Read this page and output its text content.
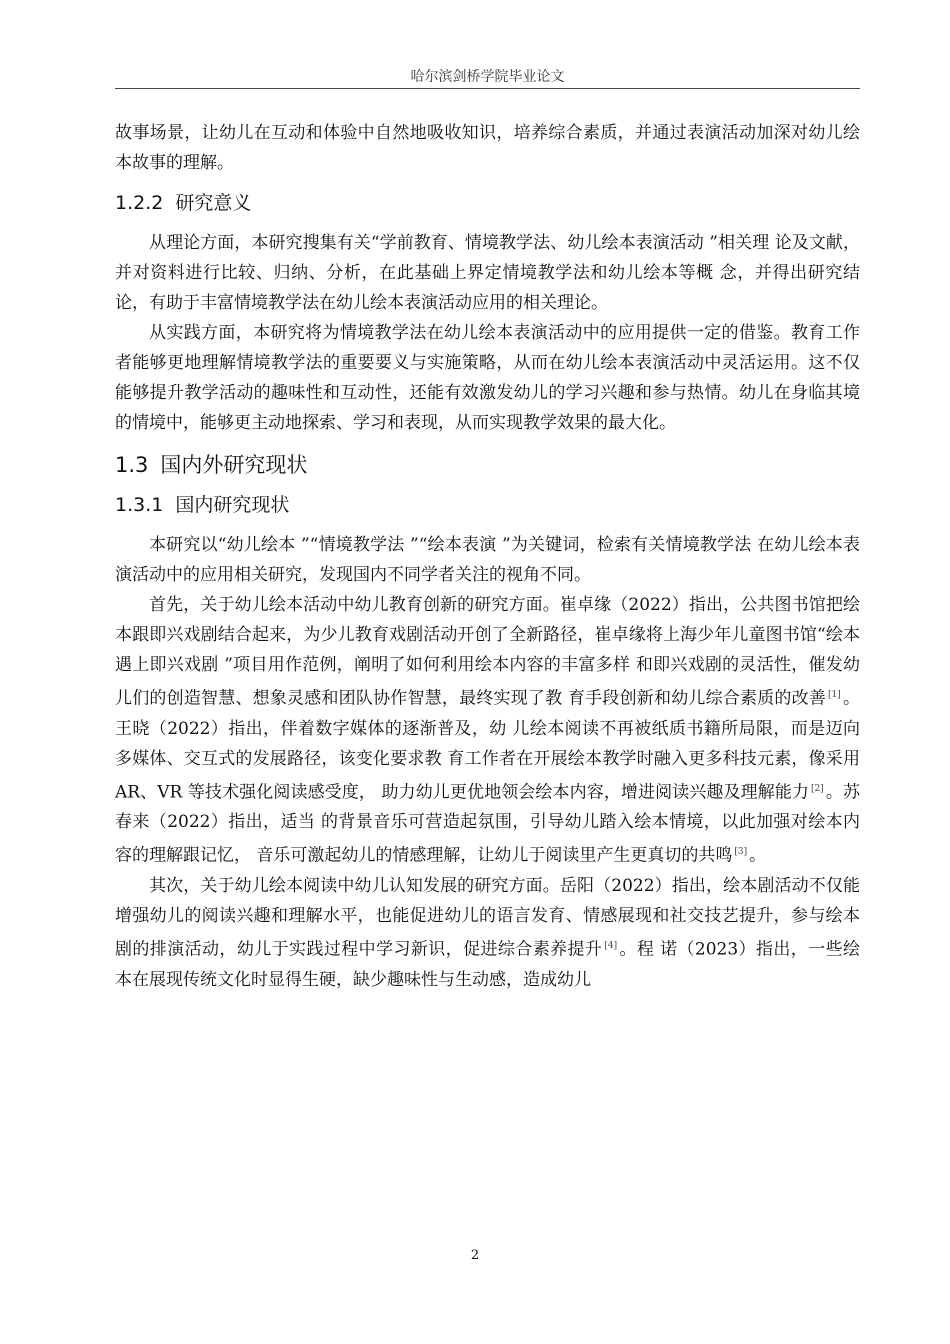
哈尔滨剑桥学院毕业论文

故事场景，让幼儿在互动和体验中自然地吸收知识，培养综合素质，并通过表演活动加深对幼儿绘本故事的理解。

1.2.2 研究意义

从理论方面，本研究搜集有关“学前教育、情境教学法、幼儿绘本表演活动 ”相关理 论及文献，并对资料进行比较、归纳、分析，在此基础上界定情境教学法和幼儿绘本等概 念，并得出研究结论，有助于丰富情境教学法在幼儿绘本表演活动应用的相关理论。

从实践方面，本研究将为情境教学法在幼儿绘本表演活动中的应用提供一定的借鉴。教育工作者能够更地理解情境教学法的重要要义与实施策略，从而在幼儿绘本表演活动中灵活运用。这不仅能够提升教学活动的趣味性和互动性，还能有效激发幼儿的学习兴趣和参与热情。幼儿在身临其境的情境中，能够更主动地探索、学习和表现，从而实现教学效果的最大化。

1.3 国内外研究现状
1.3.1 国内研究现状

本研究以“幼儿绘本 ”“情境教学法 ”“绘本表演 ”为关键词，检索有关情境教学法 在幼儿绘本表演活动中的应用相关研究，发现国内不同学者关注的视角不同。

首先，关于幼儿绘本活动中幼儿教育创新的研究方面。崔卓缘（2022）指出，公共图书馆把绘本跟即兴戏剧结合起来，为少儿教育戏剧活动开创了全新路径，崔卓缘将上海少年儿童图书馆“绘本遇上即兴戏剧 ”项目用作范例，阐明了如何利用绘本内容的丰富多样 和即兴戏剧的灵活性，催发幼儿们的创造智慧、想象灵感和团队协作智慧，最终实现了教 育手段创新和幼儿综合素质的改善 [1] 。王晓（2022）指出，伴着数字媒体的逐渐普及，幼 儿绘本阅读不再被纸质书籍所局限，而是迈向多媒体、交互式的发展路径，该变化要求教 育工作者在开展绘本教学时融入更多科技元素，像采用 AR、VR 等技术强化阅读感受度， 助力幼儿更优地领会绘本内容，增进阅读兴趣及理解能力 [2] 。苏春来（2022）指出，适当 的背景音乐可营造起氛围，引导幼儿踏入绘本情境，以此加强对绘本内容的理解跟记忆， 音乐可激起幼儿的情感理解，让幼儿于阅读里产生更真切的共鸣 [3] 。

其次，关于幼儿绘本阅读中幼儿认知发展的研究方面。岳阳（2022）指出，绘本剧活动不仅能增强幼儿的阅读兴趣和理解水平，也能促进幼儿的语言发育、情感展现和社交技艺提升，参与绘本剧的排演活动，幼儿于实践过程中学习新识，促进综合素养提升 [4] 。程 诺（2023）指出，一些绘本在展现传统文化时显得生硬，缺少趣味性与生动感，造成幼儿

2
